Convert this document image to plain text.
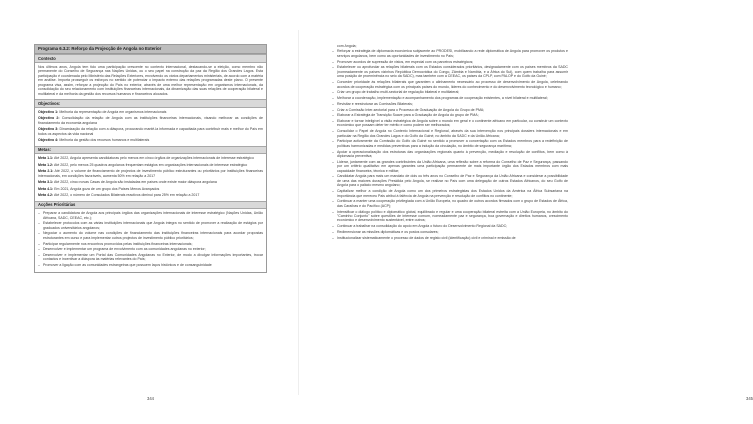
Programa 6.3.2: Reforço da Projecção de Angola no Exterior
Contexto

Nos últimos anos, Angola tem tido uma participação crescente no contexto internacional, destacando-se a eleição, como membro não permanente do Conselho de Segurança nas Nações Unidas, ou o seu papel na construção da paz da Região dos Grandes Lagos. Esta participação é coordenada pelo Ministério das Relações Exteriores, envolvendo os vários departamentos ministeriais, de acordo com a matéria em análise. Importa prosseguir os esforços no sentido de potenciar o impacto externo das relações programadas deste plano. O presente programa visa, assim, reforçar a projecção do País no exterior, através de uma melhor representação em organismos internacionais, da consolidação do seu relacionamento com instituições financeiras internacionais, da dinamização das suas relações de cooperação bilateral e multilateral e da melhoria da gestão dos recursos humanos e financeiros alocados.

Objectivos:

Objectivo 1: Melhoria da representação de Angola em organismos internacionais

Objectivo 2: Consolidação da relação de Angola com as instituições financeiras internacionais, visando melhorar as condições de financiamento da economia angolana

Objectivo 3: Dinamização da relação com a diáspora, procurando mantê-la informada e capacitada para contribuir mais e melhor do País em todos os aspectos da vida nacional

Objectivo 4: Melhoria da gestão dos recursos humanos e multilaterais

Metas:

Meta 1.1: Até 2022, Angola apresenta candidaturas pelo menos em cinco órgãos de organizações internacionais de interesse estratégico

Meta 1.2: Até 2022, pelo menos 25 quadros angolanos frequentam estágios em organizações internacionais de interesse estratégico

Meta 2.1: Até 2022, o volume de financiamento de projectos de investimento público estruturantes ou prioritários por instituições financeiras internacionais, em condições favoráveis, aumenta 50% em relação a 2017

Meta 3.1: Até 2022, cinco novas Casas de Angola são instaladas em países onde existe maior diáspora angolana

Meta 4.1: Em 2021, Angola goza de um grupo dos Países Menos Avançados

Meta 4.2: Até 2022, o número de Consulados Bilaterais reactivos diminui para 25% em relação a 2017

Acções Prioritárias
– Preparar a candidatura de Angola aos principais órgãos das organizações internacionais de interesse estratégico (Nações Unidas, União Africana, SADC, CEEAC, etc.);
– Estabelecer protocolos com as várias instituições internacionais que Angola integra no sentido de promover a realização de estágios por graduados universitários angolanos;
– Negociar o aumento do volume nas condições de financiamento das instituições financeiras internacionais para acordar propostas estruturantes em curso e para implementar outros projectos de investimento público prioritários;
– Participar regularmente nos encontros promovidos pelas instituições financeiras internacionais;
– Desenvolver e implementar um programa de envolvimento com as comunidades angolanas no exterior;
– Desenvolver e implementar um Portal das Comunidades Angolanas no Exterior, de modo a divulgar informações importantes, trocar contactos e incentivar a diáspora às matérias relevantes do País;
– Promover a ligação com as comunidades estrangeiras que possuem laços históricos e de consanguinidade
344

com Angola;

– Reforçar a estratégia de diplomacia económica subjacente ao PRODESI, mobilizando a rede diplomática de Angola para promover os produtos e serviços angolanos, bem como as oportunidades de investimento no País;
– Promover acordos de supressão de vistos, em especial com os parceiros estratégicos;
– Estabelecer ou aprofundar as relações bilaterais com os Estados considerados prioritários, designadamente com os países membros da SADC (nomeadamente os países vizinhos República Democrática do Congo, Zâmbia e Namíbia, e a África do Sul), com quem trabalha para assumir uma posição de proeminência no seio da SADC), mas também com a CEEAC, os países da CPLP, com PALOP e do Golfo da Guiné;
– Conceder prioridade às relações bilaterais que garantem o alinhamento necessário ao processo de desenvolvimento de Angola, celebrando acordos de cooperação estratégica com os principais países do mundo, lideres do conhecimento e do desenvolvimento tecnológico e humano;
– Criar um grupo de trabalho multi-sectorial de regulação bilateral e multilateral;
– Melhorar a coordenação, implementação e acompanhamento dos programas de cooperação existentes, a nível bilateral e multilateral;
– Revisitar e reestruturar as Comissões Bilaterais;
– Criar a Comissão Inter-sectorial para o Processo de Graduação de Angola do Grupo de PMA;
– Elaborar a Estratégia de Transição Suave para a Graduação de Angola do grupo de PMA;
– Elaborar e tornar inteligível a visão estratégica de Angola sobre o mundo em geral e o continente africano em particular, ou construir um contexto económico que possam deter ter mérito e como podem ser melhorados;
– Consolidar o Papel de Angola no Contexto Internacional e Regional, através da sua intervenção nos principais dossiers internacionais e em particular na Região dos Grandes Lagos e do Golfo da Guiné, no âmbito da SADC e da União Africana;
– Participar activamente da Comissão do Golfo da Guiné no sentido a promover a concertação com os Estados membros para a redefinição de políticas harmonizadas e medidas preventivas para a indução da circulação, no âmbito de segurança marítima;
– Apoiar a operacionalização dos estruturas das organizações regionais quanto à prevenção, mediação e resolução de conflitos, bem como à diplomacia preventiva;
– Liderar, juntamente com as grandes contribuintes da União Africana, uma reflexão sobre a reforma do Conselho de Paz e Segurança, passando por um critério qualitativo em apenas garantes uma participação permanente de mais importante órgão dos Estados membros com mais capacidade financeira, técnica e militar;
– Candidatar Angola para mais um mandato de dois ou três anos no Conselho de Paz e Segurança da União Africana e considerar a possibilidade de uma das maiores durações Presidida pelo Angola, se realizar no País com uma delegação de outros Estados Africanos, do seu Golfo de Angola para o palácio mesmo angolano;
– Capitalizar melhor a condição de Angola como um dos primeiros estrategistas dos Estados Unidos da América na África Subsariana na importância que mereceu Pais atribui à falência de Angola na prevenção e resolução de conflitos no continente;
– Continuar a manter uma cooperação privilegiada com a União Europeia, no quadro de outros acordos firmados com o grupo de Estados de África, das Caraíbas e do Pacífico (ACP);
– Intensificar o diálogo político e diplomático global, equilibrado e regular e uma cooperação bilateral estreita com a União Europeia, no âmbito do "Caminho Conjunto" sobre questões de interesse comum, nomeadamente paz e segurança, boa governação e direitos humanos, crescimento económico e desenvolvimento sustentável, entre outros;
– Continuar a trabalhar na consolidação do apoio em Angola o futuro do Desenvolvimento Regional da SADC;
– Redimensionar as missões diplomáticas e os postos consulares;
– Institucionalizar sistematicamente o processo de dados de registo civil (identificação) civil e criminal e emissão de
345
